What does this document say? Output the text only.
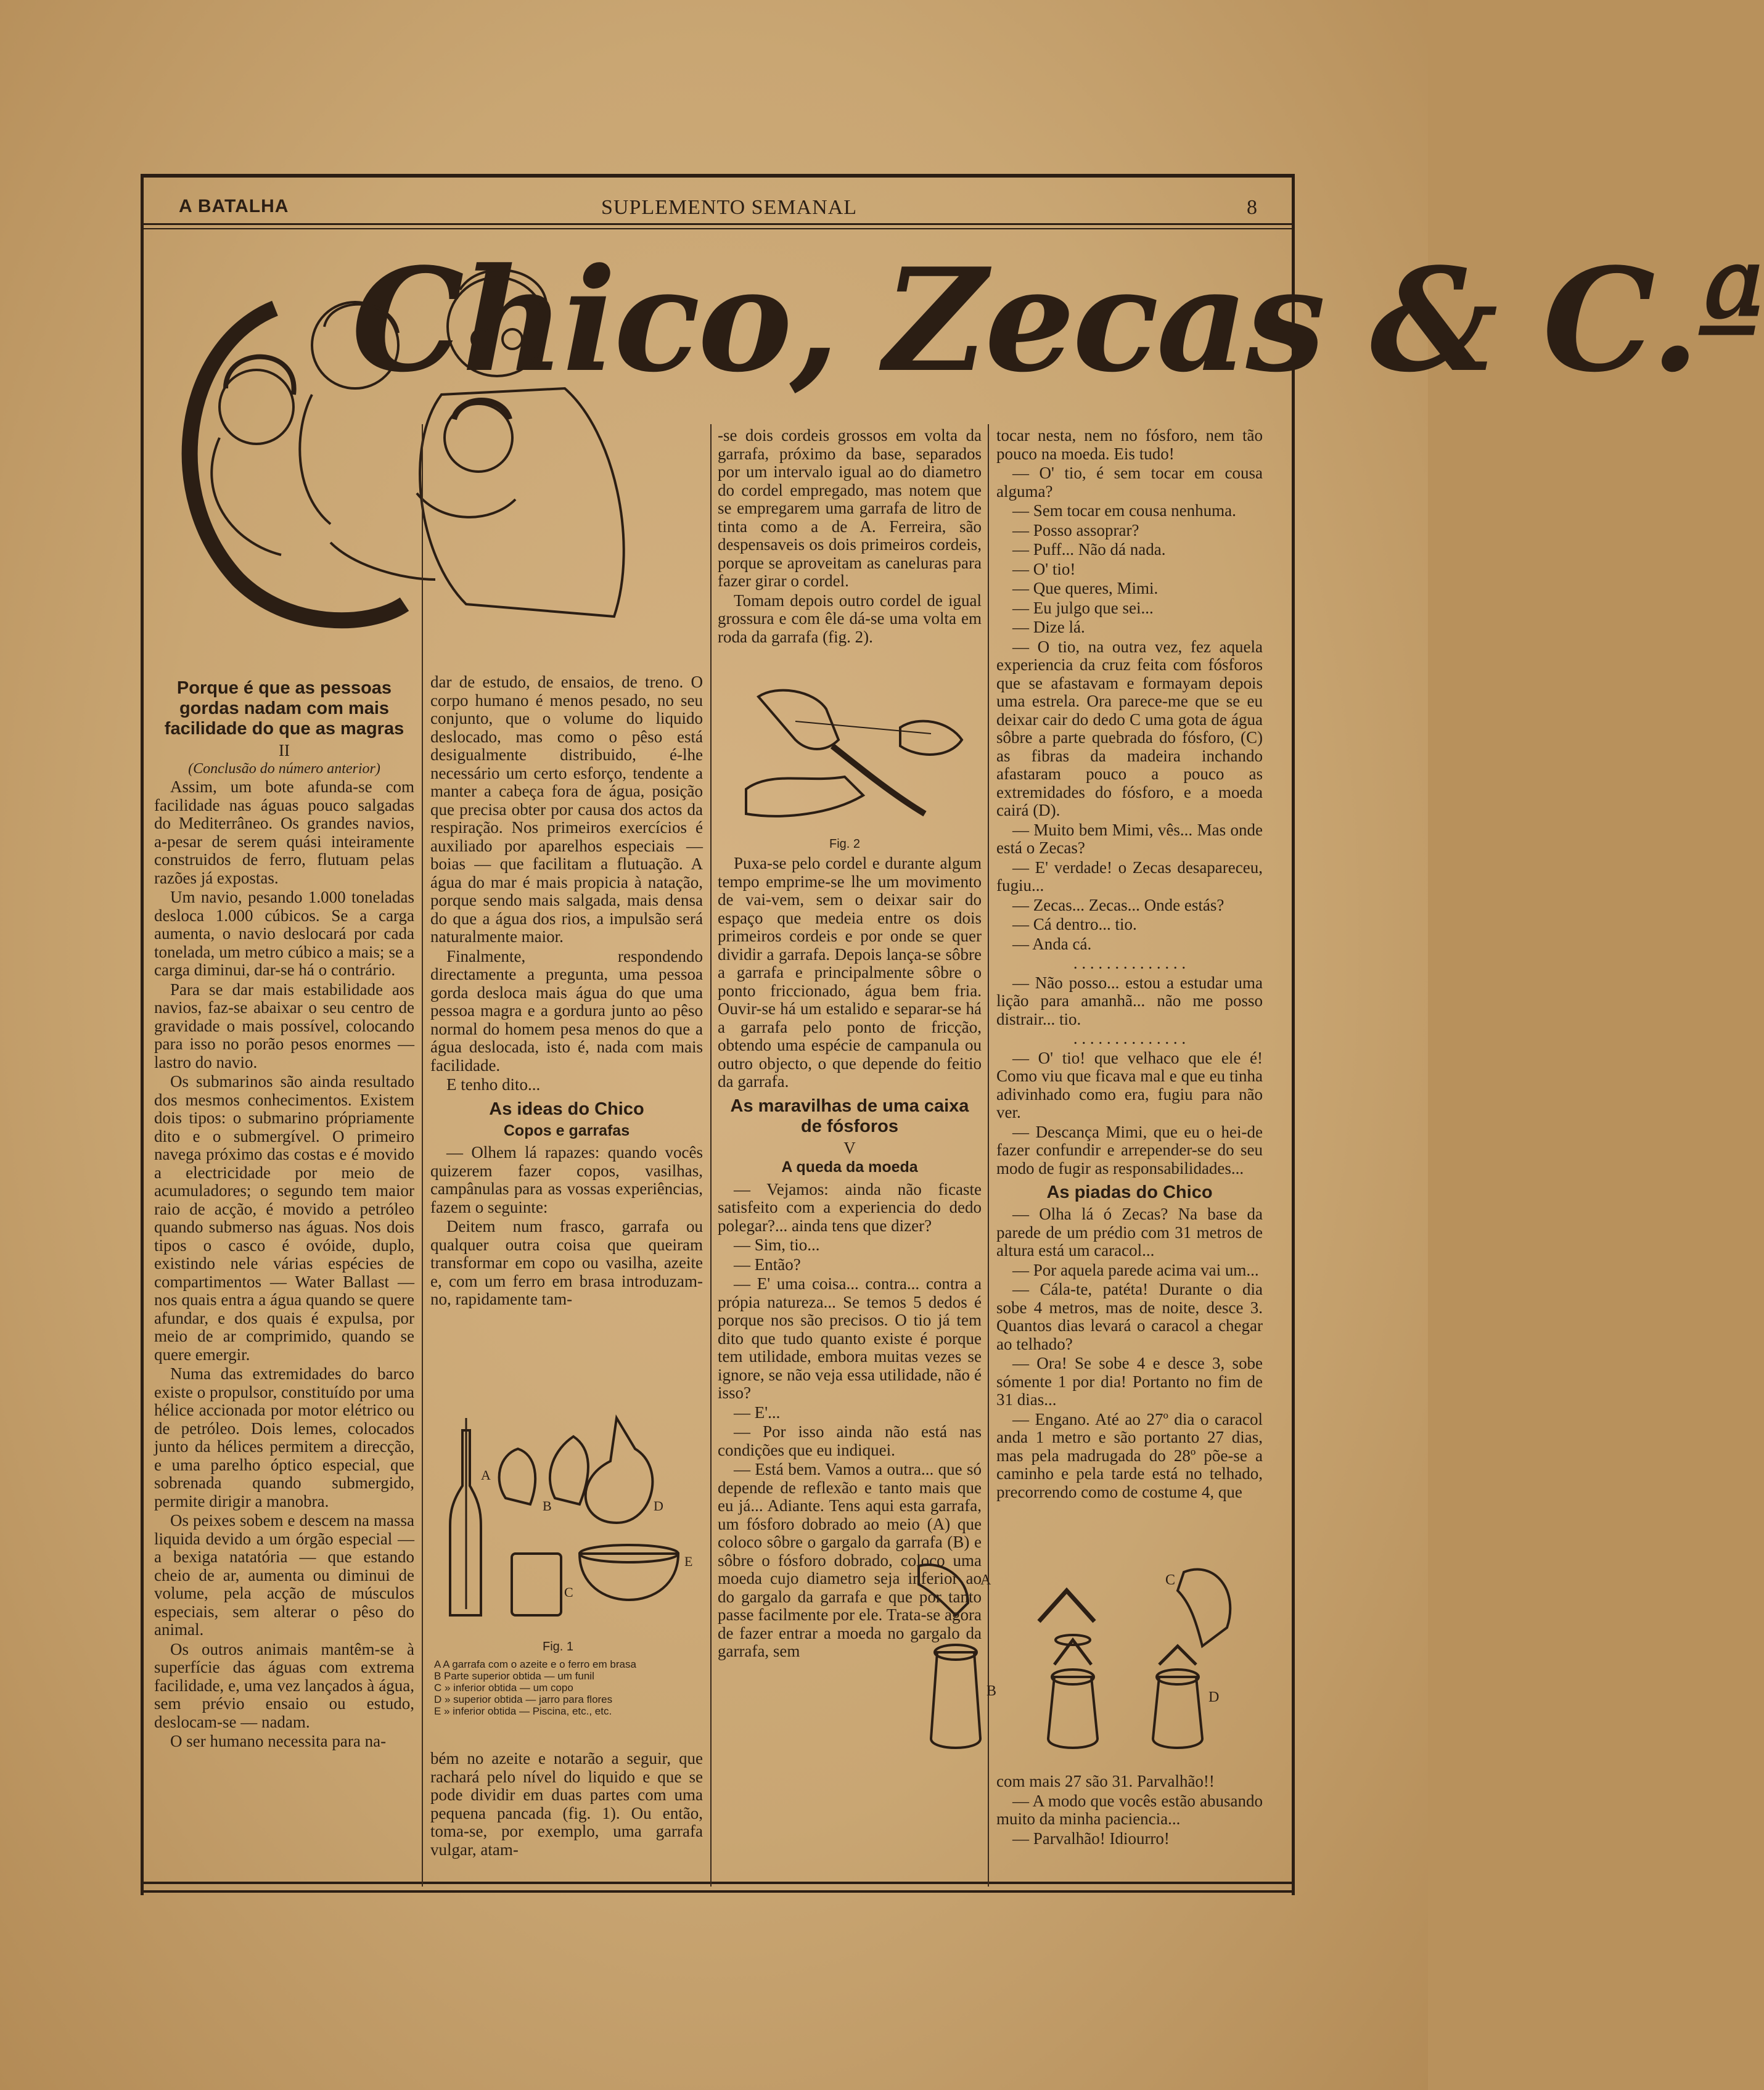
A BATALHA	SUPLEMENTO SEMANAL	8
Chico, Zecas & C.ª
Porque é que as pessoas gordas nadam com mais facilidade do que as magras
II
(Conclusão do número anterior)

Assim, um bote afunda-se com facilidade nas águas pouco salgadas do Mediterrâneo. Os grandes navios, a-pesar de serem quási inteiramente construidos de ferro, flutuam pelas razões já expostas.

Um navio, pesando 1.000 toneladas desloca 1.000 cúbicos. Se a carga aumenta, o navio deslocará por cada tonelada, um metro cúbico a mais; se a carga diminui, dar-se há o contrário.

Para se dar mais estabilidade aos navios, faz-se abaixar o seu centro de gravidade o mais possível, colocando para isso no porão pesos enormes — lastro do navio.

Os submarinos são ainda resultado dos mesmos conhecimentos. Existem dois tipos: o submarino própriamente dito e o submergível. O primeiro navega próximo das costas e é movido a electricidade por meio de acumuladores; o segundo tem maior raio de acção, é movido a petróleo quando submerso nas águas. Nos dois tipos o casco é ovóide, duplo, existindo nele várias espécies de compartimentos — Water Ballast — nos quais entra a água quando se quere afundar, e dos quais é expulsa, por meio de ar comprimido, quando se quere emergir.

Numa das extremidades do barco existe o propulsor, constituído por uma hélice accionada por motor elétrico ou de petróleo. Dois lemes, colocados junto da hélices permitem a direcção, e uma parelho óptico especial, que sobrenada quando submergido, permite dirigir a manobra.

Os peixes sobem e descem na massa liquida devido a um órgão especial — a bexiga natatória — que estando cheio de ar, aumenta ou diminui de volume, pela acção de músculos especiais, sem alterar o pêso do animal.

Os outros animais mantêm-se à superfície das águas com extrema facilidade, e, uma vez lançados à água, sem prévio ensaio ou estudo, deslocam-se — nadam.

O ser humano necessita para na-

dar de estudo, de ensaios, de treno. O corpo humano é menos pesado, no seu conjunto, que o volume do liquido deslocado, mas como o pêso está desigualmente distribuido, é-lhe necessário um certo esforço, tendente a manter a cabeça fora de água, posição que precisa obter por causa dos actos da respiração. Nos primeiros exercícios é auxiliado por aparelhos especiais — boias — que facilitam a flutuação. A água do mar é mais propicia à natação, porque sendo mais salgada, mais densa do que a água dos rios, a impulsão será naturalmente maior.

Finalmente, respondendo directamente a pregunta, uma pessoa gorda desloca mais água do que uma pessoa magra e a gordura junto ao pêso normal do homem pesa menos do que a água deslocada, isto é, nada com mais facilidade.

E tenho dito...

As ideas do Chico
Copos e garrafas

— Olhem lá rapazes: quando vocês quizerem fazer copos, vasilhas, campânulas para as vossas experiências, fazem o seguinte:

Deitem num frasco, garrafa ou qualquer outra coisa que queiram transformar em copo ou vasilha, azeite e, com um ferro em brasa introduzam-no, rapidamente tam-

A
B
C
D
E
Fig. 1
A A garrafa com o azeite e o ferro em brasa
B Parte superior obtida — um funil
C » inferior obtida — um copo
D » superior obtida — jarro para flores
E » inferior obtida — Piscina, etc., etc.

bém no azeite e notarão a seguir, que rachará pelo nível do liquido e que se pode dividir em duas partes com uma pequena pancada (fig. 1). Ou então, toma-se, por exemplo, uma garrafa vulgar, atam-

-se dois cordeis grossos em volta da garrafa, próximo da base, separados por um intervalo igual ao do diametro do cordel empregado, mas notem que se empregarem uma garrafa de litro de tinta como a de A. Ferreira, são despensaveis os dois primeiros cordeis, porque se aproveitam as caneluras para fazer girar o cordel.

Tomam depois outro cordel de igual grossura e com êle dá-se uma volta em roda da garrafa (fig. 2).

Fig. 2

Puxa-se pelo cordel e durante algum tempo emprime-se lhe um movimento de vai-vem, sem o deixar sair do espaço que medeia entre os dois primeiros cordeis e por onde se quer dividir a garrafa. Depois lança-se sôbre a garrafa e principalmente sôbre o ponto friccionado, água bem fria. Ouvir-se há um estalido e separar-se há a garrafa pelo ponto de fricção, obtendo uma espécie de campanula ou outro objecto, o que depende do feitio da garrafa.

As maravilhas de uma caixa de fósforos
V
A queda da moeda

— Vejamos: ainda não ficaste satisfeito com a experiencia do dedo polegar?... ainda tens que dizer?

— Sim, tio...

— Então?

— E' uma coisa... contra... contra a própia natureza... Se temos 5 dedos é porque nos são precisos. O tio já tem dito que tudo quanto existe é porque tem utilidade, embora muitas vezes se ignore, se não veja essa utilidade, não é isso?

— E'...

— Por isso ainda não está nas condições que eu indiquei.

— Está bem. Vamos a outra... que só depende de reflexão e tanto mais que eu já... Adiante. Tens aqui esta garrafa, um fósforo dobrado ao meio (A) que coloco sôbre o gargalo da garrafa (B) e sôbre o fósforo dobrado, coloco uma moeda cujo diametro seja inferior ao do gargalo da garrafa e que por tanto passe facilmente por ele. Trata-se agora de fazer entrar a moeda no gargalo da garrafa, sem

tocar nesta, nem no fósforo, nem tão pouco na moeda. Eis tudo!

— O' tio, é sem tocar em cousa alguma?

— Sem tocar em cousa nenhuma.

— Posso assoprar?

— Puff... Não dá nada.

— O' tio!

— Que queres, Mimi.

— Eu julgo que sei...

— Dize lá.

— O tio, na outra vez, fez aquela experiencia da cruz feita com fósforos que se afastavam e formayam depois uma estrela. Ora parece-me que se eu deixar cair do dedo C uma gota de água sôbre a parte quebrada do fósforo, (C) as fibras da madeira inchando afastaram pouco a pouco as extremidades do fósforo, e a moeda cairá (D).

— Muito bem Mimi, vês... Mas onde está o Zecas?

— E' verdade! o Zecas desapareceu, fugiu...

— Zecas... Zecas... Onde estás?

— Cá dentro... tio.

— Anda cá.

. . . . . . . . . . . . . .

— Não posso... estou a estudar uma lição para amanhã... não me posso distrair... tio.

. . . . . . . . . . . . . .

— O' tio! que velhaco que ele é! Como viu que ficava mal e que eu tinha adivinhado como era, fugiu para não ver.

— Descança Mimi, que eu o hei-de fazer confundir e arrepender-se do seu modo de fugir as responsabilidades...

As piadas do Chico

— Olha lá ó Zecas? Na base da parede de um prédio com 31 metros de altura está um caracol...

— Por aquela parede acima vai um...

— Cála-te, patéta! Durante o dia sobe 4 metros, mas de noite, desce 3. Quantos dias levará o caracol a chegar ao telhado?

— Ora! Se sobe 4 e desce 3, sobe sómente 1 por dia! Portanto no fim de 31 dias...

— Engano. Até ao 27º dia o caracol anda 1 metro e são portanto 27 dias, mas pela madrugada do 28º põe-se a caminho e pela tarde está no telhado, precorrendo como de costume 4, que

A
B
C
D

com mais 27 são 31. Parvalhão!!

— A modo que vocês estão abusando muito da minha paciencia...

— Parvalhão! Idiourro!
